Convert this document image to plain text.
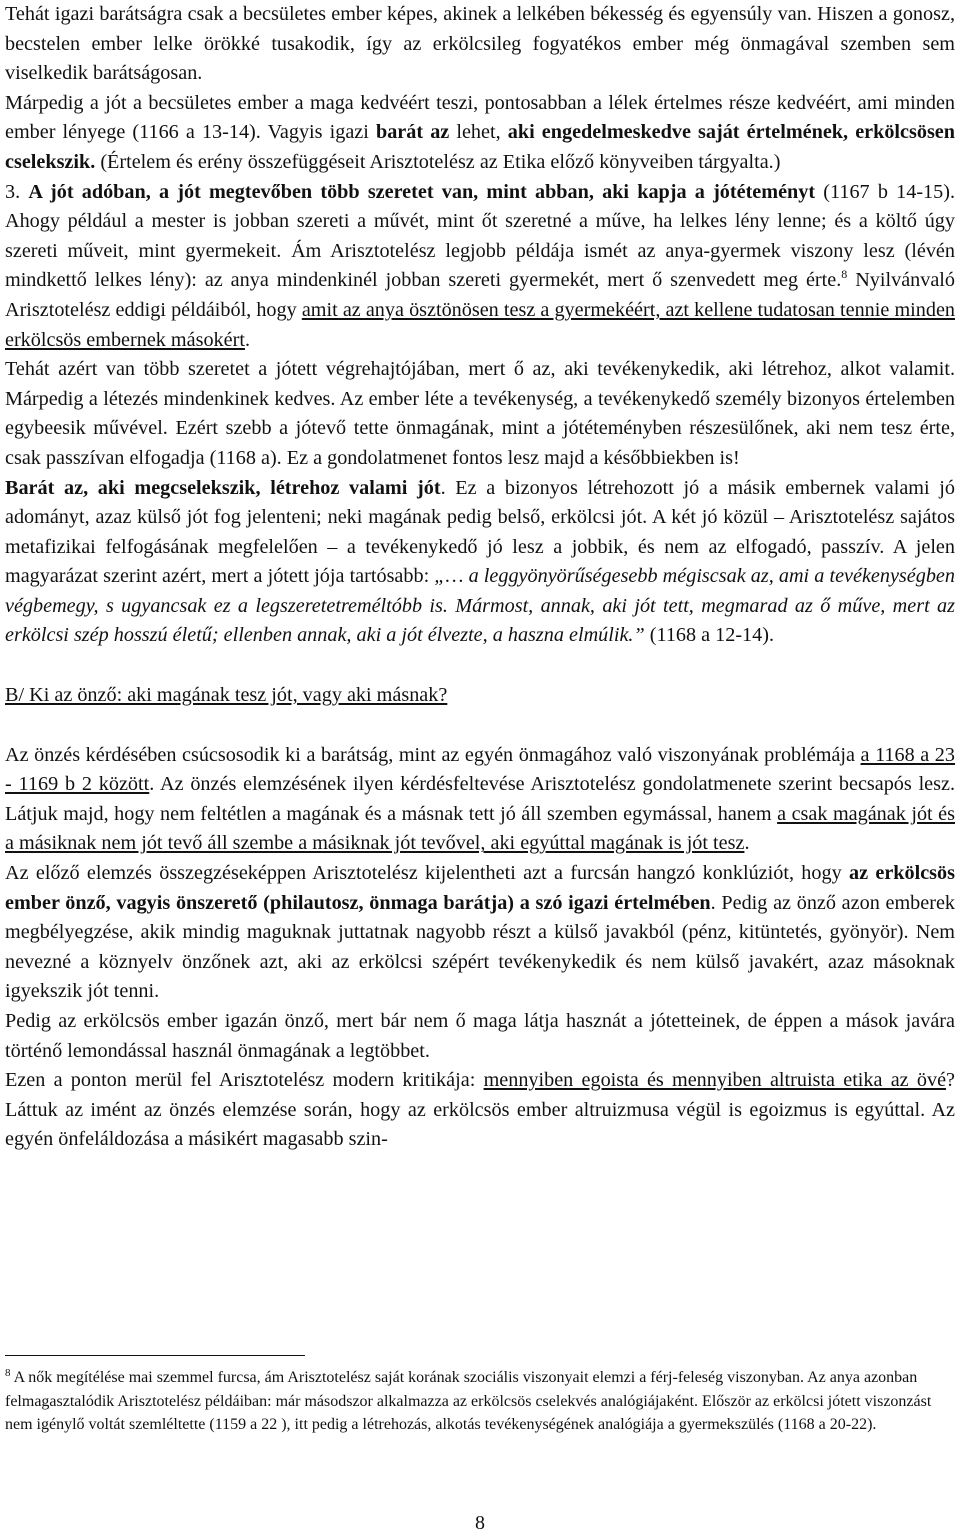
Tehát igazi barátságra csak a becsületes ember képes, akinek a lelkében békesség és egyensúly van. Hiszen a gonosz, becstelen ember lelke örökké tusakodik, így az erkölcsileg fogyatékos ember még önmagával szemben sem viselkedik barátságosan.

Márpedig a jót a becsületes ember a maga kedvéért teszi, pontosabban a lélek értelmes része kedvéért, ami minden ember lényege (1166 a 13-14). Vagyis igazi barát az lehet, aki engedelmeskedve saját értelmének, erkölcsösen cselekszik. (Értelem és erény összefüggéseit Arisztotelész az Etika előző könyveiben tárgyalta.)

3. A jót adóban, a jót megtevőben több szeretet van, mint abban, aki kapja a jótéteményt (1167 b 14-15). Ahogy például a mester is jobban szereti a művét, mint őt szeretné a műve, ha lelkes lény lenne; és a költő úgy szereti műveit, mint gyermekeit. Ám Arisztotelész legjobb példája ismét az anya-gyermek viszony lesz (lévén mindkettő lelkes lény): az anya mindenkinél jobban szereti gyermekét, mert ő szenvedett meg érte.$^8$ Nyilvánvaló Arisztotelész eddigi példáiból, hogy amit az anya ösztönösen tesz a gyermekéért, azt kellene tudatosan tennie minden erkölcsös embernek másokért.

Tehát azért van több szeretet a jótett végrehajtójában, mert ő az, aki tevékenykedik, aki létrehoz, alkot valamit. Márpedig a létezés mindenkinek kedves. Az ember léte a tevékenység, a tevékenykedő személy bizonyos értelemben egybeesik művével. Ezért szebb a jótevő tette önmagának, mint a jótéteményben részesülőnek, aki nem tesz érte, csak passzívan elfogadja (1168 a). Ez a gondolatmenet fontos lesz majd a későbbiekben is!

Barát az, aki megcselekszik, létrehoz valami jót. Ez a bizonyos létrehozott jó a másik embernek valami jó adományt, azaz külső jót fog jelenteni; neki magának pedig belső, erkölcsi jót. A két jó közül – Arisztotelész sajátos metafizikai felfogásának megfelelően – a tevékenykedő jó lesz a jobbik, és nem az elfogadó, passzív. A jelen magyarázat szerint azért, mert a jótett jója tartósabb: „… a leggyönyörűségesebb mégiscsak az, ami a tevékenységben végbemegy, s ugyancsak ez a legszeretetreméltóbb is. Mármost, annak, aki jót tett, megmarad az ő műve, mert az erkölcsi szép hosszú életű; ellenben annak, aki a jót élvezte, a haszna elmúlik.” (1168 a 12-14).

B/ Ki az önző: aki magának tesz jót, vagy aki másnak?

Az önzés kérdésében csúcsosodik ki a barátság, mint az egyén önmagához való viszonyának problémája a 1168 a 23 - 1169 b 2 között. Az önzés elemzésének ilyen kérdésfeltevése Arisztotelész gondolatmenete szerint becsapós lesz. Látjuk majd, hogy nem feltétlen a magának és a másnak tett jó áll szemben egymással, hanem a csak magának jót és a másiknak nem jót tevő áll szembe a másiknak jót tevővel, aki egyúttal magának is jót tesz.

Az előző elemzés összegzéseképpen Arisztotelész kijelentheti azt a furcsán hangzó konklúziót, hogy az erkölcsös ember önző, vagyis önszerető (philautosz, önmaga barátja) a szó igazi értelmében. Pedig az önző azon emberek megbélyegzése, akik mindig maguknak juttatnak nagyobb részt a külső javakból (pénz, kitüntetés, gyönyör). Nem nevezné a köznyelv önzőnek azt, aki az erkölcsi szépért tevékenykedik és nem külső javakért, azaz másoknak igyekszik jót tenni.

Pedig az erkölcsös ember igazán önző, mert bár nem ő maga látja hasznát a jótetteinek, de éppen a mások javára történő lemondással használ önmagának a legtöbbet.

Ezen a ponton merül fel Arisztotelész modern kritikája: mennyiben egoista és mennyiben altruista etika az övé? Láttuk az imént az önzés elemzése során, hogy az erkölcsös ember altruizmusa végül is egoizmus is egyúttal. Az egyén önfeláldozása a másikért magasabb szin-

$^8$ A nők megítélése mai szemmel furcsa, ám Arisztotelész saját korának szociális viszonyait elemzi a férj-feleség viszonyban. Az anya azonban felmagasztalódik Arisztotelész példáiban: már másodszor alkalmazza az erkölcsös cselekvés analógiájaként. Először az erkölcsi jótett viszonzást nem igénylő voltát szemléltette (1159 a 22 ), itt pedig a létrehozás, alkotás tevékenységének analógiája a gyermekszülés (1168 a 20-22).

8
